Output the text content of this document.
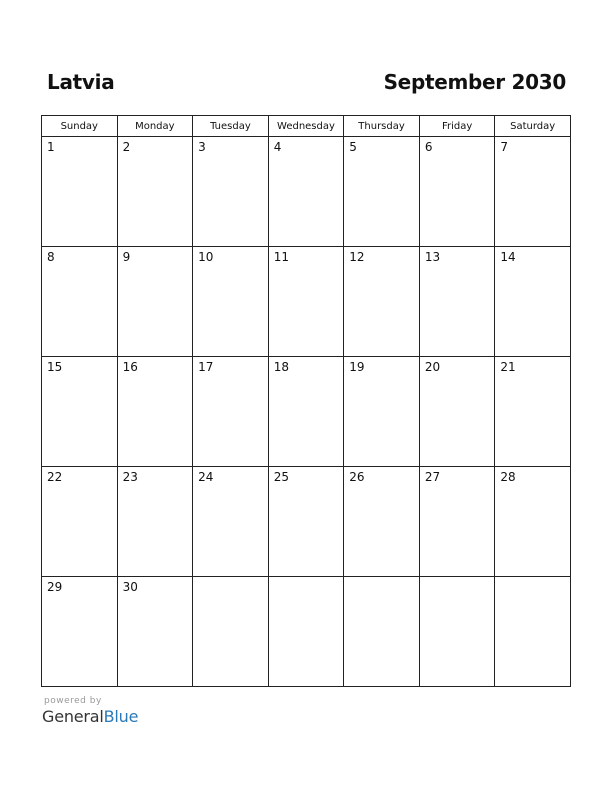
Latvia	September 2030
Sunday	Monday	Tuesday	Wednesday	Thursday	Friday	Saturday

1	2	3	4	5	6	7

8	9	10	11	12	13	14

15	16	17	18	19	20	21

22	23	24	25	26	27	28

29	30					

powered by
GeneralBlue
